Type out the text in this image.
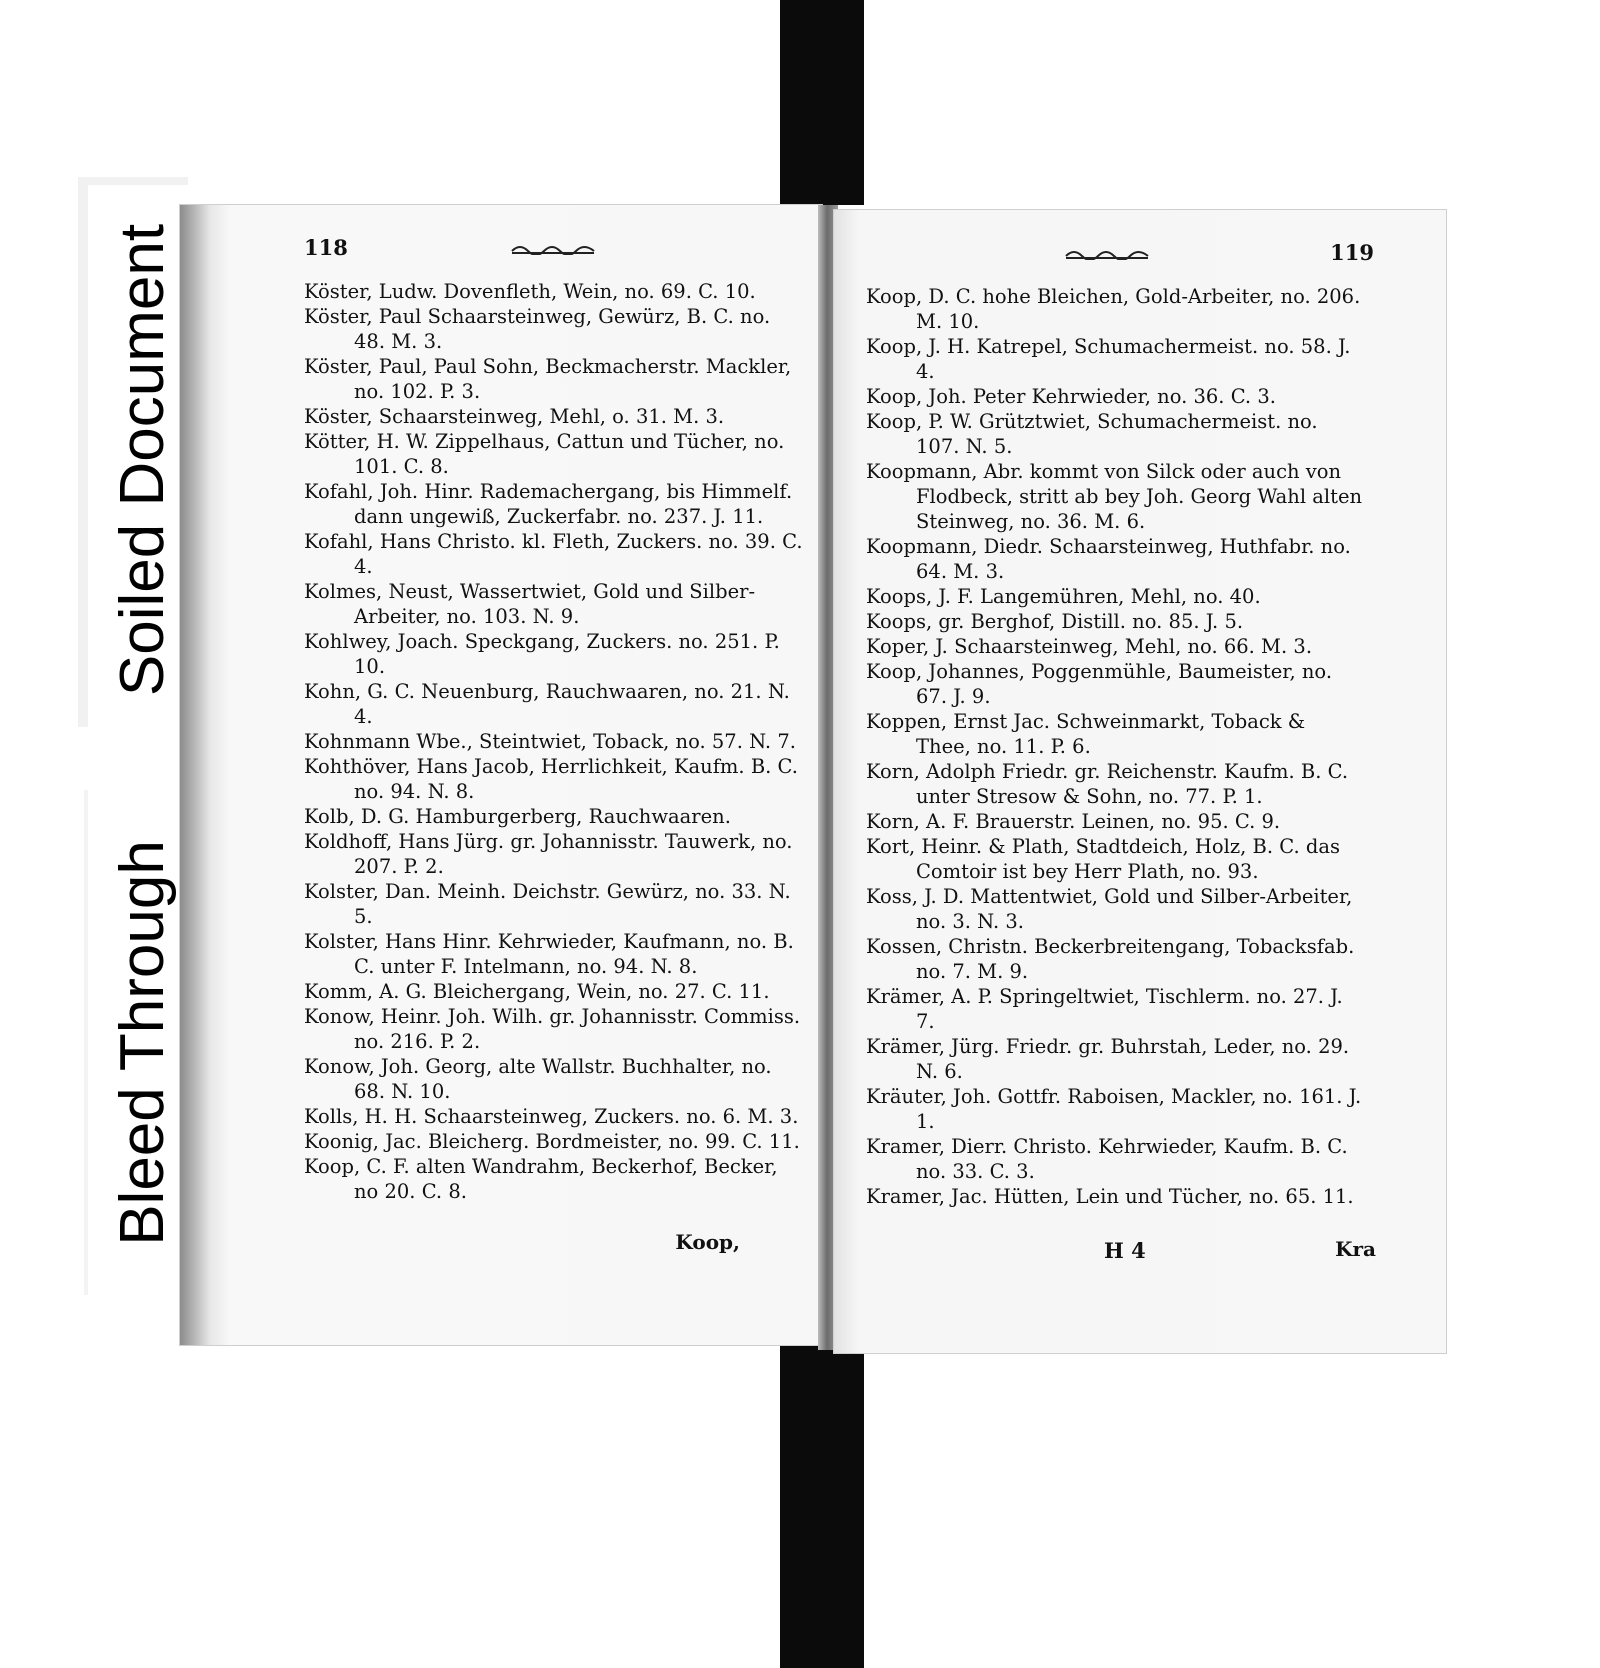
Soiled Document
Bleed Through
118
Köster, Ludw. Dovenfleth, Wein, no. 69. C. 10.
Köster, Paul Schaarsteinweg, Gewürz, B. C. no. 48. M. 3.
Köster, Paul, Paul Sohn, Beckmacherstr. Mackler, no. 102. P. 3.
Köster, Schaarsteinweg, Mehl, o. 31. M. 3.
Kötter, H. W. Zippelhaus, Cattun und Tücher, no. 101. C. 8.
Kofahl, Joh. Hinr. Rademachergang, bis Himmelf. dann ungewiß, Zuckerfabr. no. 237. J. 11.
Kofahl, Hans Christo. kl. Fleth, Zuckers. no. 39. C. 4.
Kolmes, Neust, Wassertwiet, Gold und Silber-Arbeiter, no. 103. N. 9.
Kohlwey, Joach. Speckgang, Zuckers. no. 251. P. 10.
Kohn, G. C. Neuenburg, Rauchwaaren, no. 21. N. 4.
Kohnmann Wbe., Steintwiet, Toback, no. 57. N. 7.
Kohthöver, Hans Jacob, Herrlichkeit, Kaufm. B. C. no. 94. N. 8.
Kolb, D. G. Hamburgerberg, Rauchwaaren.
Koldhoff, Hans Jürg. gr. Johannisstr. Tauwerk, no. 207. P. 2.
Kolster, Dan. Meinh. Deichstr. Gewürz, no. 33. N. 5.
Kolster, Hans Hinr. Kehrwieder, Kaufmann, no. B. C. unter F. Intelmann, no. 94. N. 8.
Komm, A. G. Bleichergang, Wein, no. 27. C. 11.
Konow, Heinr. Joh. Wilh. gr. Johannisstr. Commiss. no. 216. P. 2.
Konow, Joh. Georg, alte Wallstr. Buchhalter, no. 68. N. 10.
Kolls, H. H. Schaarsteinweg, Zuckers. no. 6. M. 3.
Koonig, Jac. Bleicherg. Bordmeister, no. 99. C. 11.
Koop, C. F. alten Wandrahm, Beckerhof, Becker, no 20. C. 8.
Koop,
119
Koop, D. C. hohe Bleichen, Gold-Arbeiter, no. 206. M. 10.
Koop, J. H. Katrepel, Schumachermeist. no. 58. J. 4.
Koop, Joh. Peter Kehrwieder, no. 36. C. 3.
Koop, P. W. Grütztwiet, Schumachermeist. no. 107. N. 5.
Koopmann, Abr. kommt von Silck oder auch von Flodbeck, stritt ab bey Joh. Georg Wahl alten Steinweg, no. 36. M. 6.
Koopmann, Diedr. Schaarsteinweg, Huthfabr. no. 64. M. 3.
Koops, J. F. Langemühren, Mehl, no. 40.
Koops, gr. Berghof, Distill. no. 85. J. 5.
Koper, J. Schaarsteinweg, Mehl, no. 66. M. 3.
Koop, Johannes, Poggenmühle, Baumeister, no. 67. J. 9.
Koppen, Ernst Jac. Schweinmarkt, Toback & Thee, no. 11. P. 6.
Korn, Adolph Friedr. gr. Reichenstr. Kaufm. B. C. unter Stresow & Sohn, no. 77. P. 1.
Korn, A. F. Brauerstr. Leinen, no. 95. C. 9.
Kort, Heinr. & Plath, Stadtdeich, Holz, B. C. das Comtoir ist bey Herr Plath, no. 93.
Koss, J. D. Mattentwiet, Gold und Silber-Arbeiter, no. 3. N. 3.
Kossen, Christn. Beckerbreitengang, Tobacksfab. no. 7. M. 9.
Krämer, A. P. Springeltwiet, Tischlerm. no. 27. J. 7.
Krämer, Jürg. Friedr. gr. Buhrstah, Leder, no. 29. N. 6.
Kräuter, Joh. Gottfr. Raboisen, Mackler, no. 161. J. 1.
Kramer, Dierr. Christo. Kehrwieder, Kaufm. B. C. no. 33. C. 3.
Kramer, Jac. Hütten, Lein und Tücher, no. 65. 11.
H 4	Kra
